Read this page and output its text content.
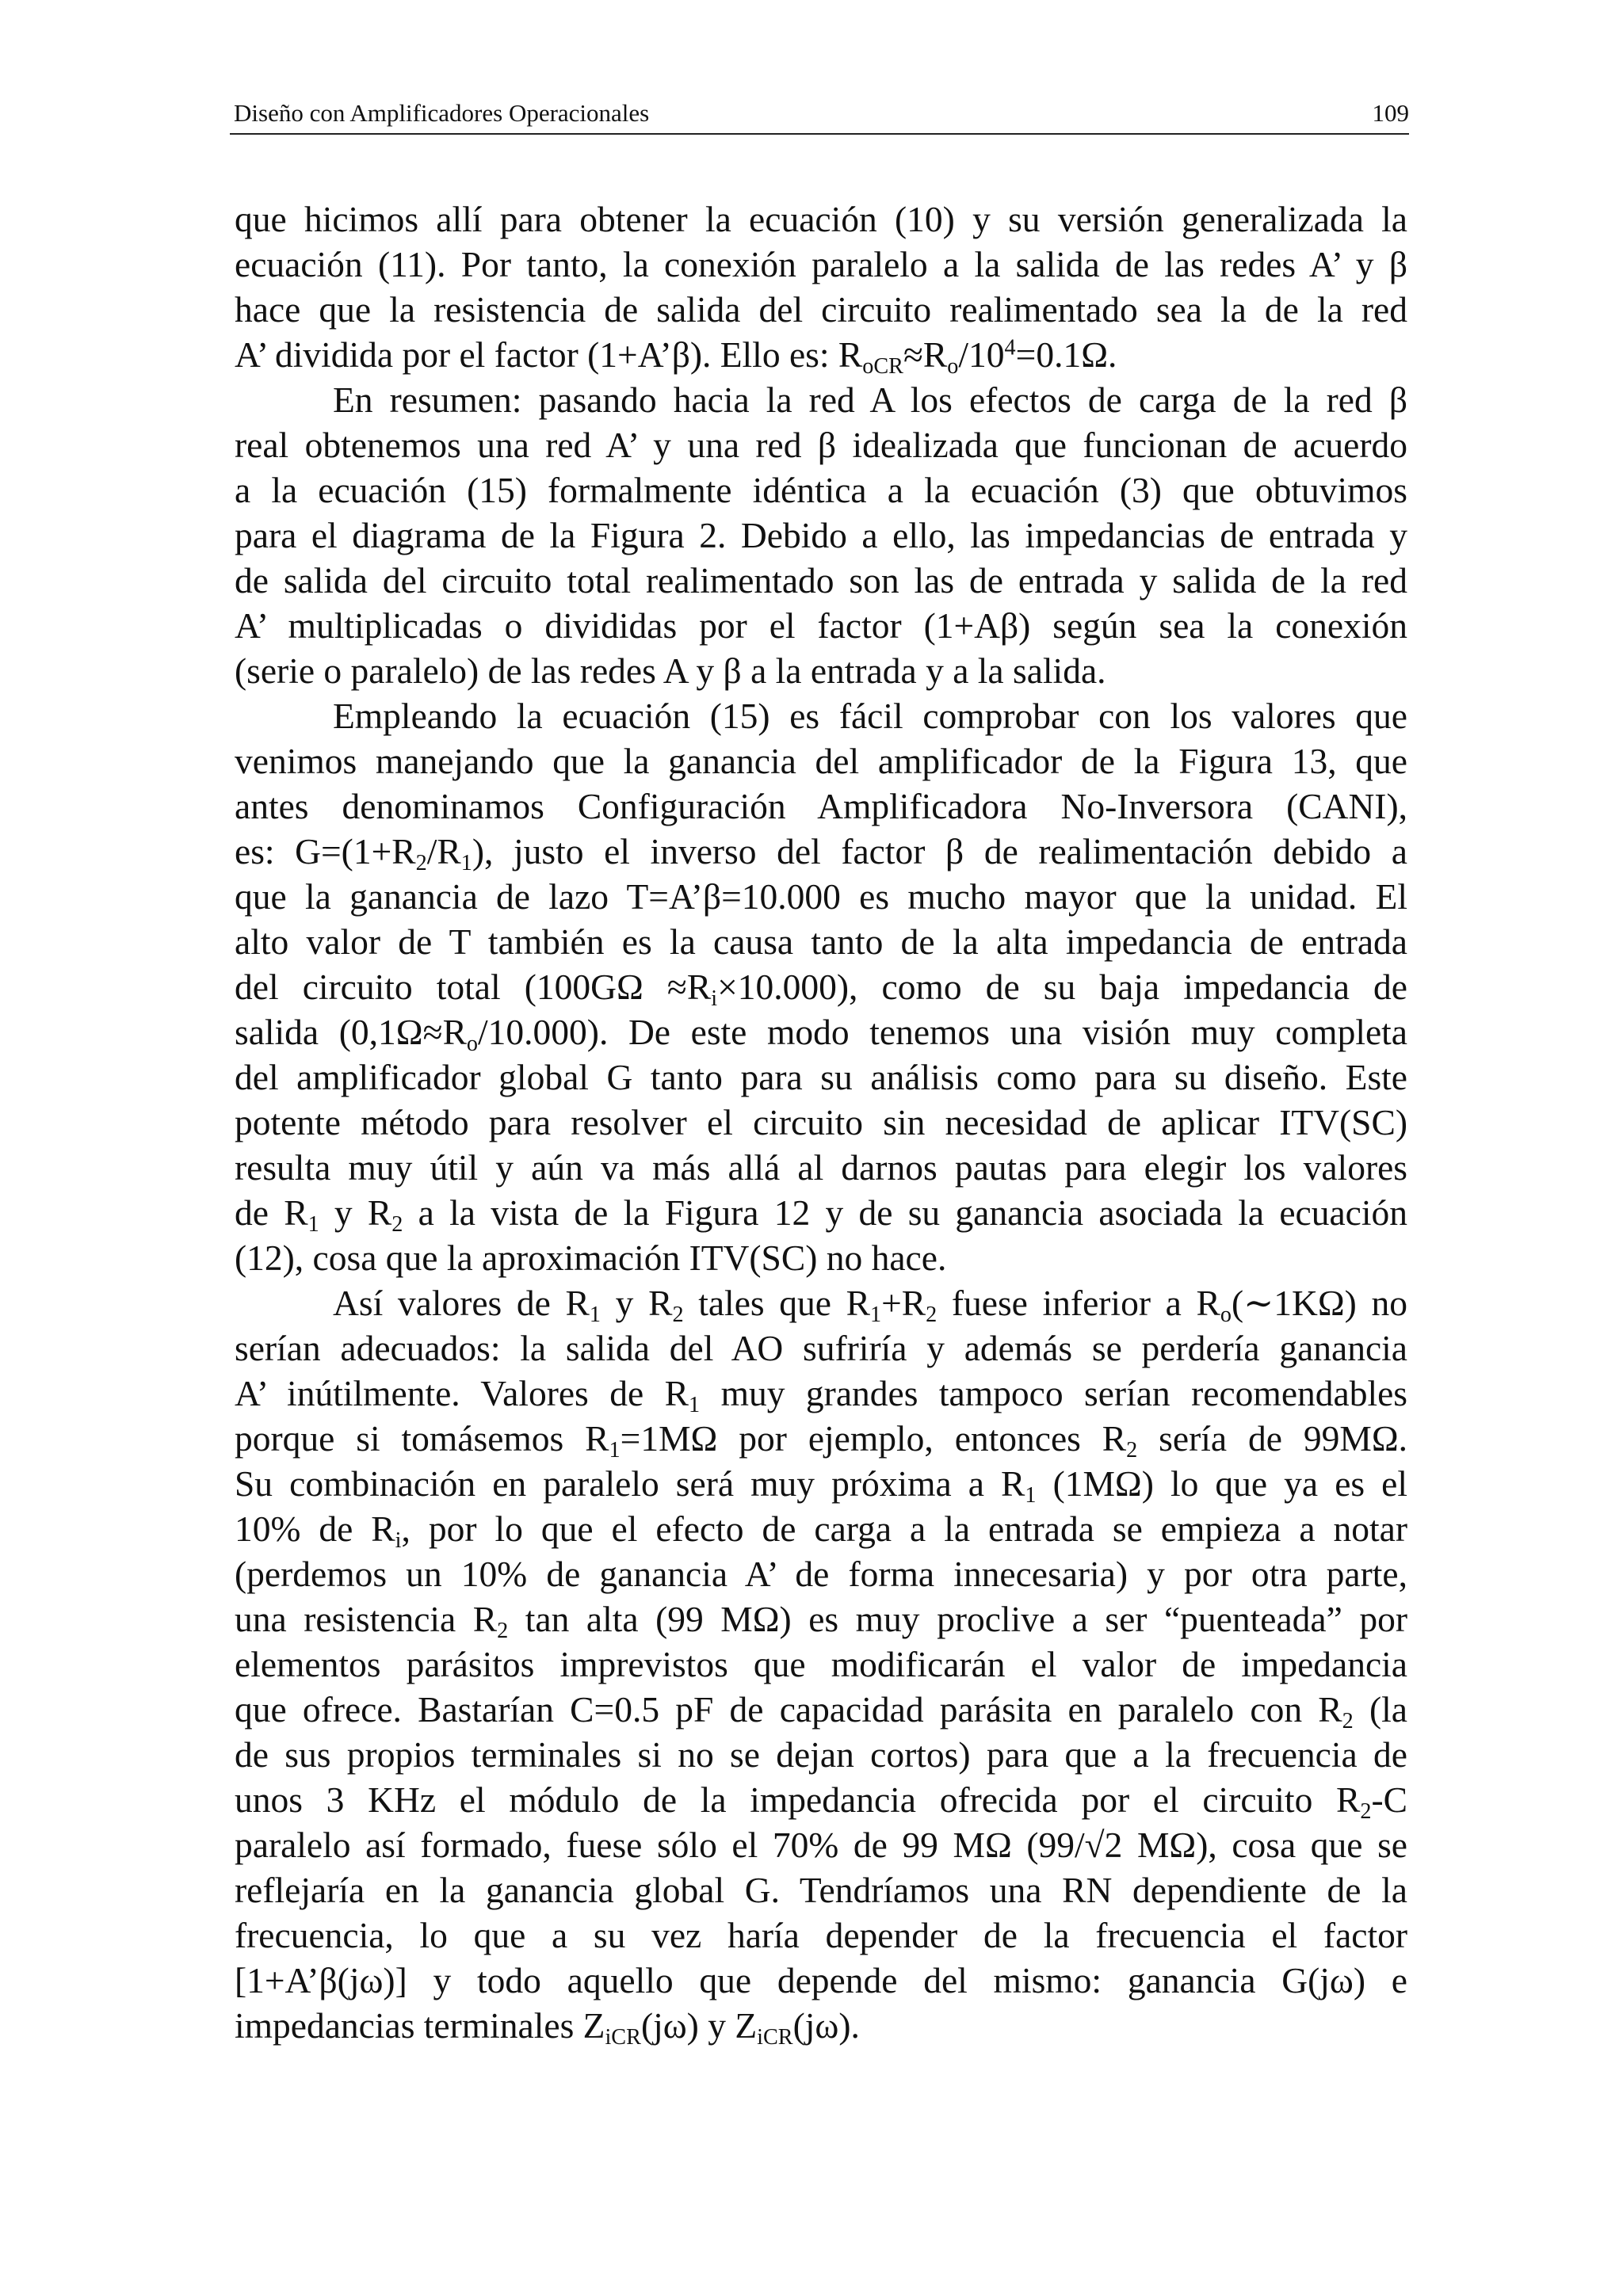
Diseño con Amplificadores Operacionales	109
que hicimos allí para obtener la ecuación (10) y su versión generalizada la
ecuación (11). Por tanto, la conexión paralelo a la salida de las redes A’ y β
hace que la resistencia de salida del circuito realimentado sea la de la red
A’ dividida por el factor (1+A’β). Ello es: $R_{oCR}\approx R_o/10^4=0.1\Omega$.
En resumen: pasando hacia la red A los efectos de carga de la red β
real obtenemos una red A’ y una red β idealizada que funcionan de acuerdo
a la ecuación (15) formalmente idéntica a la ecuación (3) que obtuvimos
para el diagrama de la Figura 2. Debido a ello, las impedancias de entrada y
de salida del circuito total realimentado son las de entrada y salida de la red
A’ multiplicadas o divididas por el factor (1+Aβ) según sea la conexión
(serie o paralelo) de las redes A y β a la entrada y a la salida.
Empleando la ecuación (15) es fácil comprobar con los valores que
venimos manejando que la ganancia del amplificador de la Figura 13, que
antes denominamos Configuración Amplificadora No-Inversora (CANI),
es: $G=(1+R_2/R_1)$, justo el inverso del factor β de realimentación debido a
que la ganancia de lazo T=A’β=10.000 es mucho mayor que la unidad. El
alto valor de T también es la causa tanto de la alta impedancia de entrada
del circuito total $(100G\Omega \approx R_i\times 10.000)$, como de su baja impedancia de
salida $(0,1\Omega\approx R_o/10.000)$. De este modo tenemos una visión muy completa
del amplificador global G tanto para su análisis como para su diseño. Este
potente método para resolver el circuito sin necesidad de aplicar ITV(SC)
resulta muy útil y aún va más allá al darnos pautas para elegir los valores
de $R_1$ y $R_2$ a la vista de la Figura 12 y de su ganancia asociada la ecuación
(12), cosa que la aproximación ITV(SC) no hace.
Así valores de $R_1$ y $R_2$ tales que $R_1+R_2$ fuese inferior a $R_o(\sim 1K\Omega)$ no
serían adecuados: la salida del AO sufriría y además se perdería ganancia
A’ inútilmente. Valores de $R_1$ muy grandes tampoco serían recomendables
porque si tomásemos $R_1=1M\Omega$ por ejemplo, entonces $R_2$ sería de 99MΩ.
Su combinación en paralelo será muy próxima a $R_1$ (1MΩ) lo que ya es el
10% de $R_i$, por lo que el efecto de carga a la entrada se empieza a notar
(perdemos un 10% de ganancia A’ de forma innecesaria) y por otra parte,
una resistencia $R_2$ tan alta (99 MΩ) es muy proclive a ser “puenteada” por
elementos parásitos imprevistos que modificarán el valor de impedancia
que ofrece. Bastarían C=0.5 pF de capacidad parásita en paralelo con $R_2$ (la
de sus propios terminales si no se dejan cortos) para que a la frecuencia de
unos 3 KHz el módulo de la impedancia ofrecida por el circuito $R_2-C$
paralelo así formado, fuese sólo el 70% de 99 MΩ (99/√2 MΩ), cosa que se
reflejaría en la ganancia global G. Tendríamos una RN dependiente de la
frecuencia, lo que a su vez haría depender de la frecuencia el factor
[1+A’β(jω)] y todo aquello que depende del mismo: ganancia G(jω) e
impedancias terminales $Z_{iCR}(j\omega)$ y $Z_{iCR}(j\omega)$.
